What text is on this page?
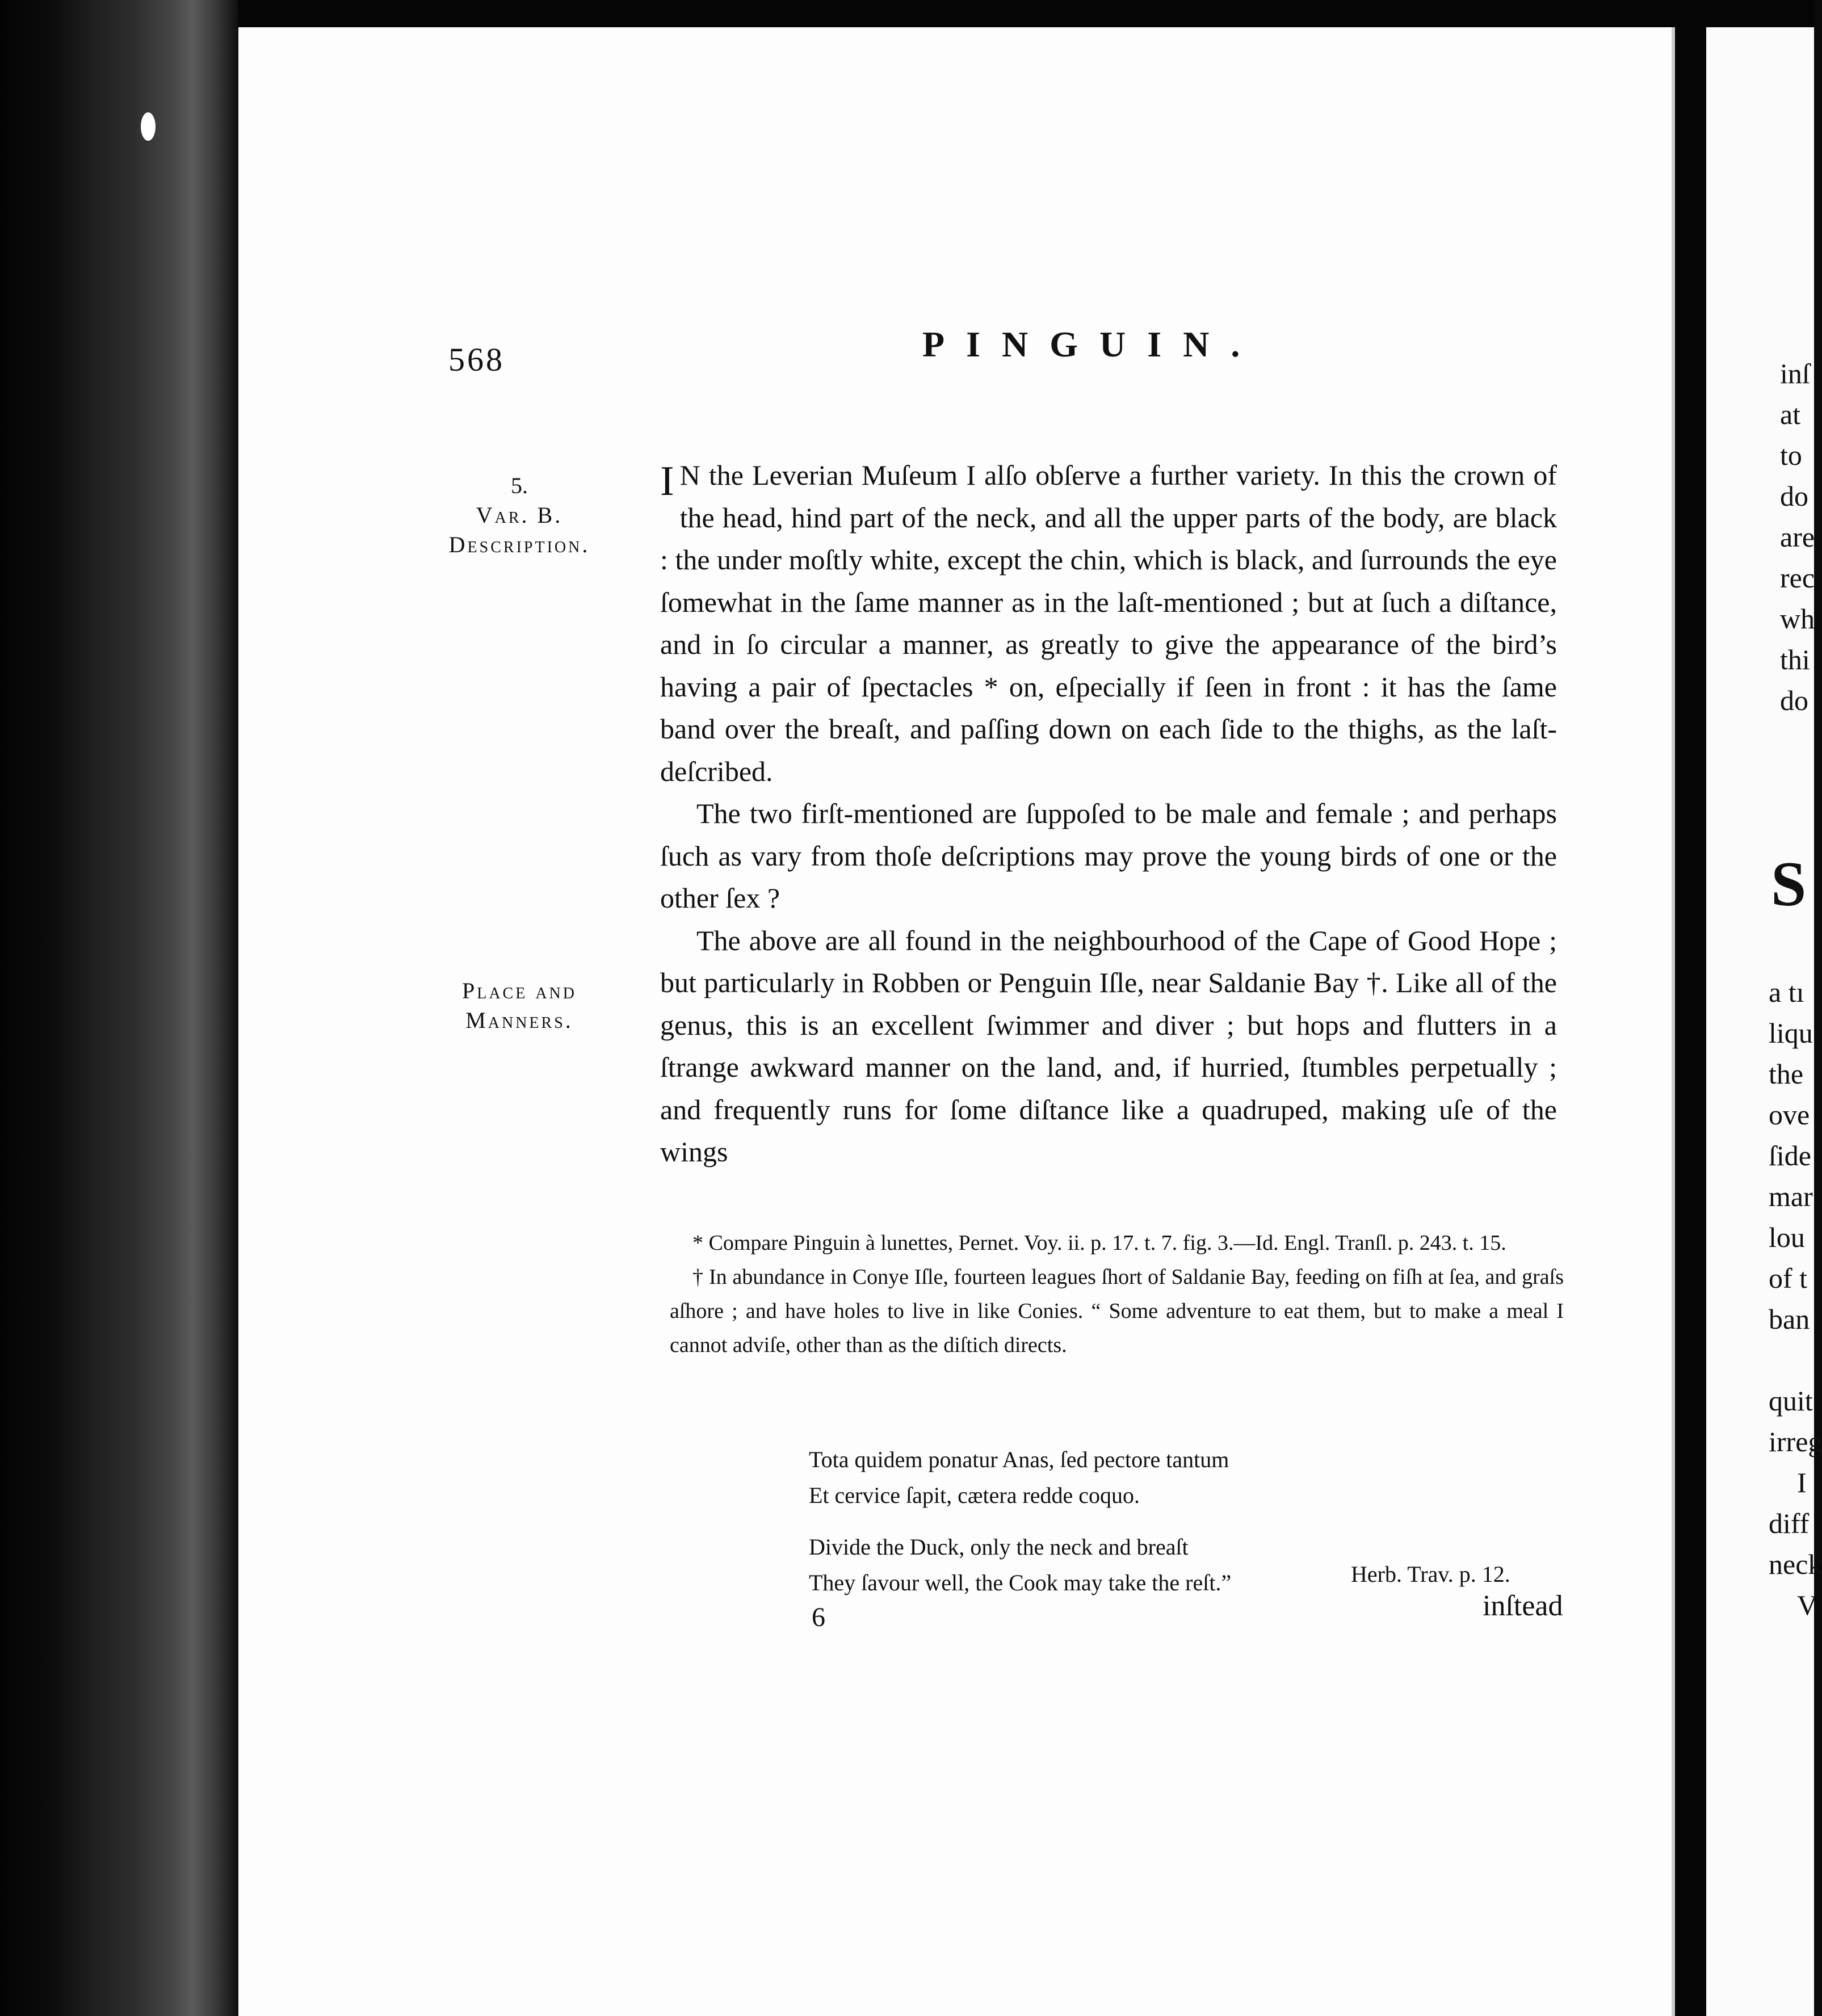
568	PINGUIN.
5.
Var. B.
Description.
Place and
Manners.

I N the Leverian Muſeum I alſo obſerve a further variety. In this the crown of the head, hind part of the neck, and all the upper parts of the body, are black : the under moſtly white, except the chin, which is black, and ſurrounds the eye ſomewhat in the ſame manner as in the laſt-mentioned ; but at ſuch a diſtance, and in ſo circular a manner, as greatly to give the appearance of the bird’s having a pair of ſpectacles * on, eſpecially if ſeen in front : it has the ſame band over the breaſt, and paſſing down on each ſide to the thighs, as the laſt-deſcribed.

The two firſt-mentioned are ſuppoſed to be male and female ; and perhaps ſuch as vary from thoſe deſcriptions may prove the young birds of one or the other ſex ?

The above are all found in the neighbourhood of the Cape of Good Hope ; but particularly in Robben or Penguin Iſle, near Saldanie Bay †. Like all of the genus, this is an excellent ſwimmer and diver ; but hops and flutters in a ſtrange awkward manner on the land, and, if hurried, ſtumbles perpetually ; and frequently runs for ſome diſtance like a quadruped, making uſe of the wings

* Compare Pinguin à lunettes, Pernet. Voy. ii. p. 17. t. 7. fig. 3.—Id. Engl. Tranſl. p. 243. t. 15.

† In abundance in Conye Iſle, fourteen leagues ſhort of Saldanie Bay, feeding on fiſh at ſea, and graſs aſhore ; and have holes to live in like Conies. “ Some adventure to eat them, but to make a meal I cannot adviſe, other than as the diſtich directs.

Tota quidem ponatur Anas, ſed pectore tantum
Et cervice ſapit, cætera redde coquo.
Divide the Duck, only the neck and breaſt
They ſavour well, the Cook may take the reſt.”	Herb. Trav. p. 12.
6	inſtead
inſ
at
to
do
are
rec
wh
thi
do
S
a tı
liqu
the
ove
ſide
mar
lou
of t
ban
quit
irreg
I
diff
neck
V
